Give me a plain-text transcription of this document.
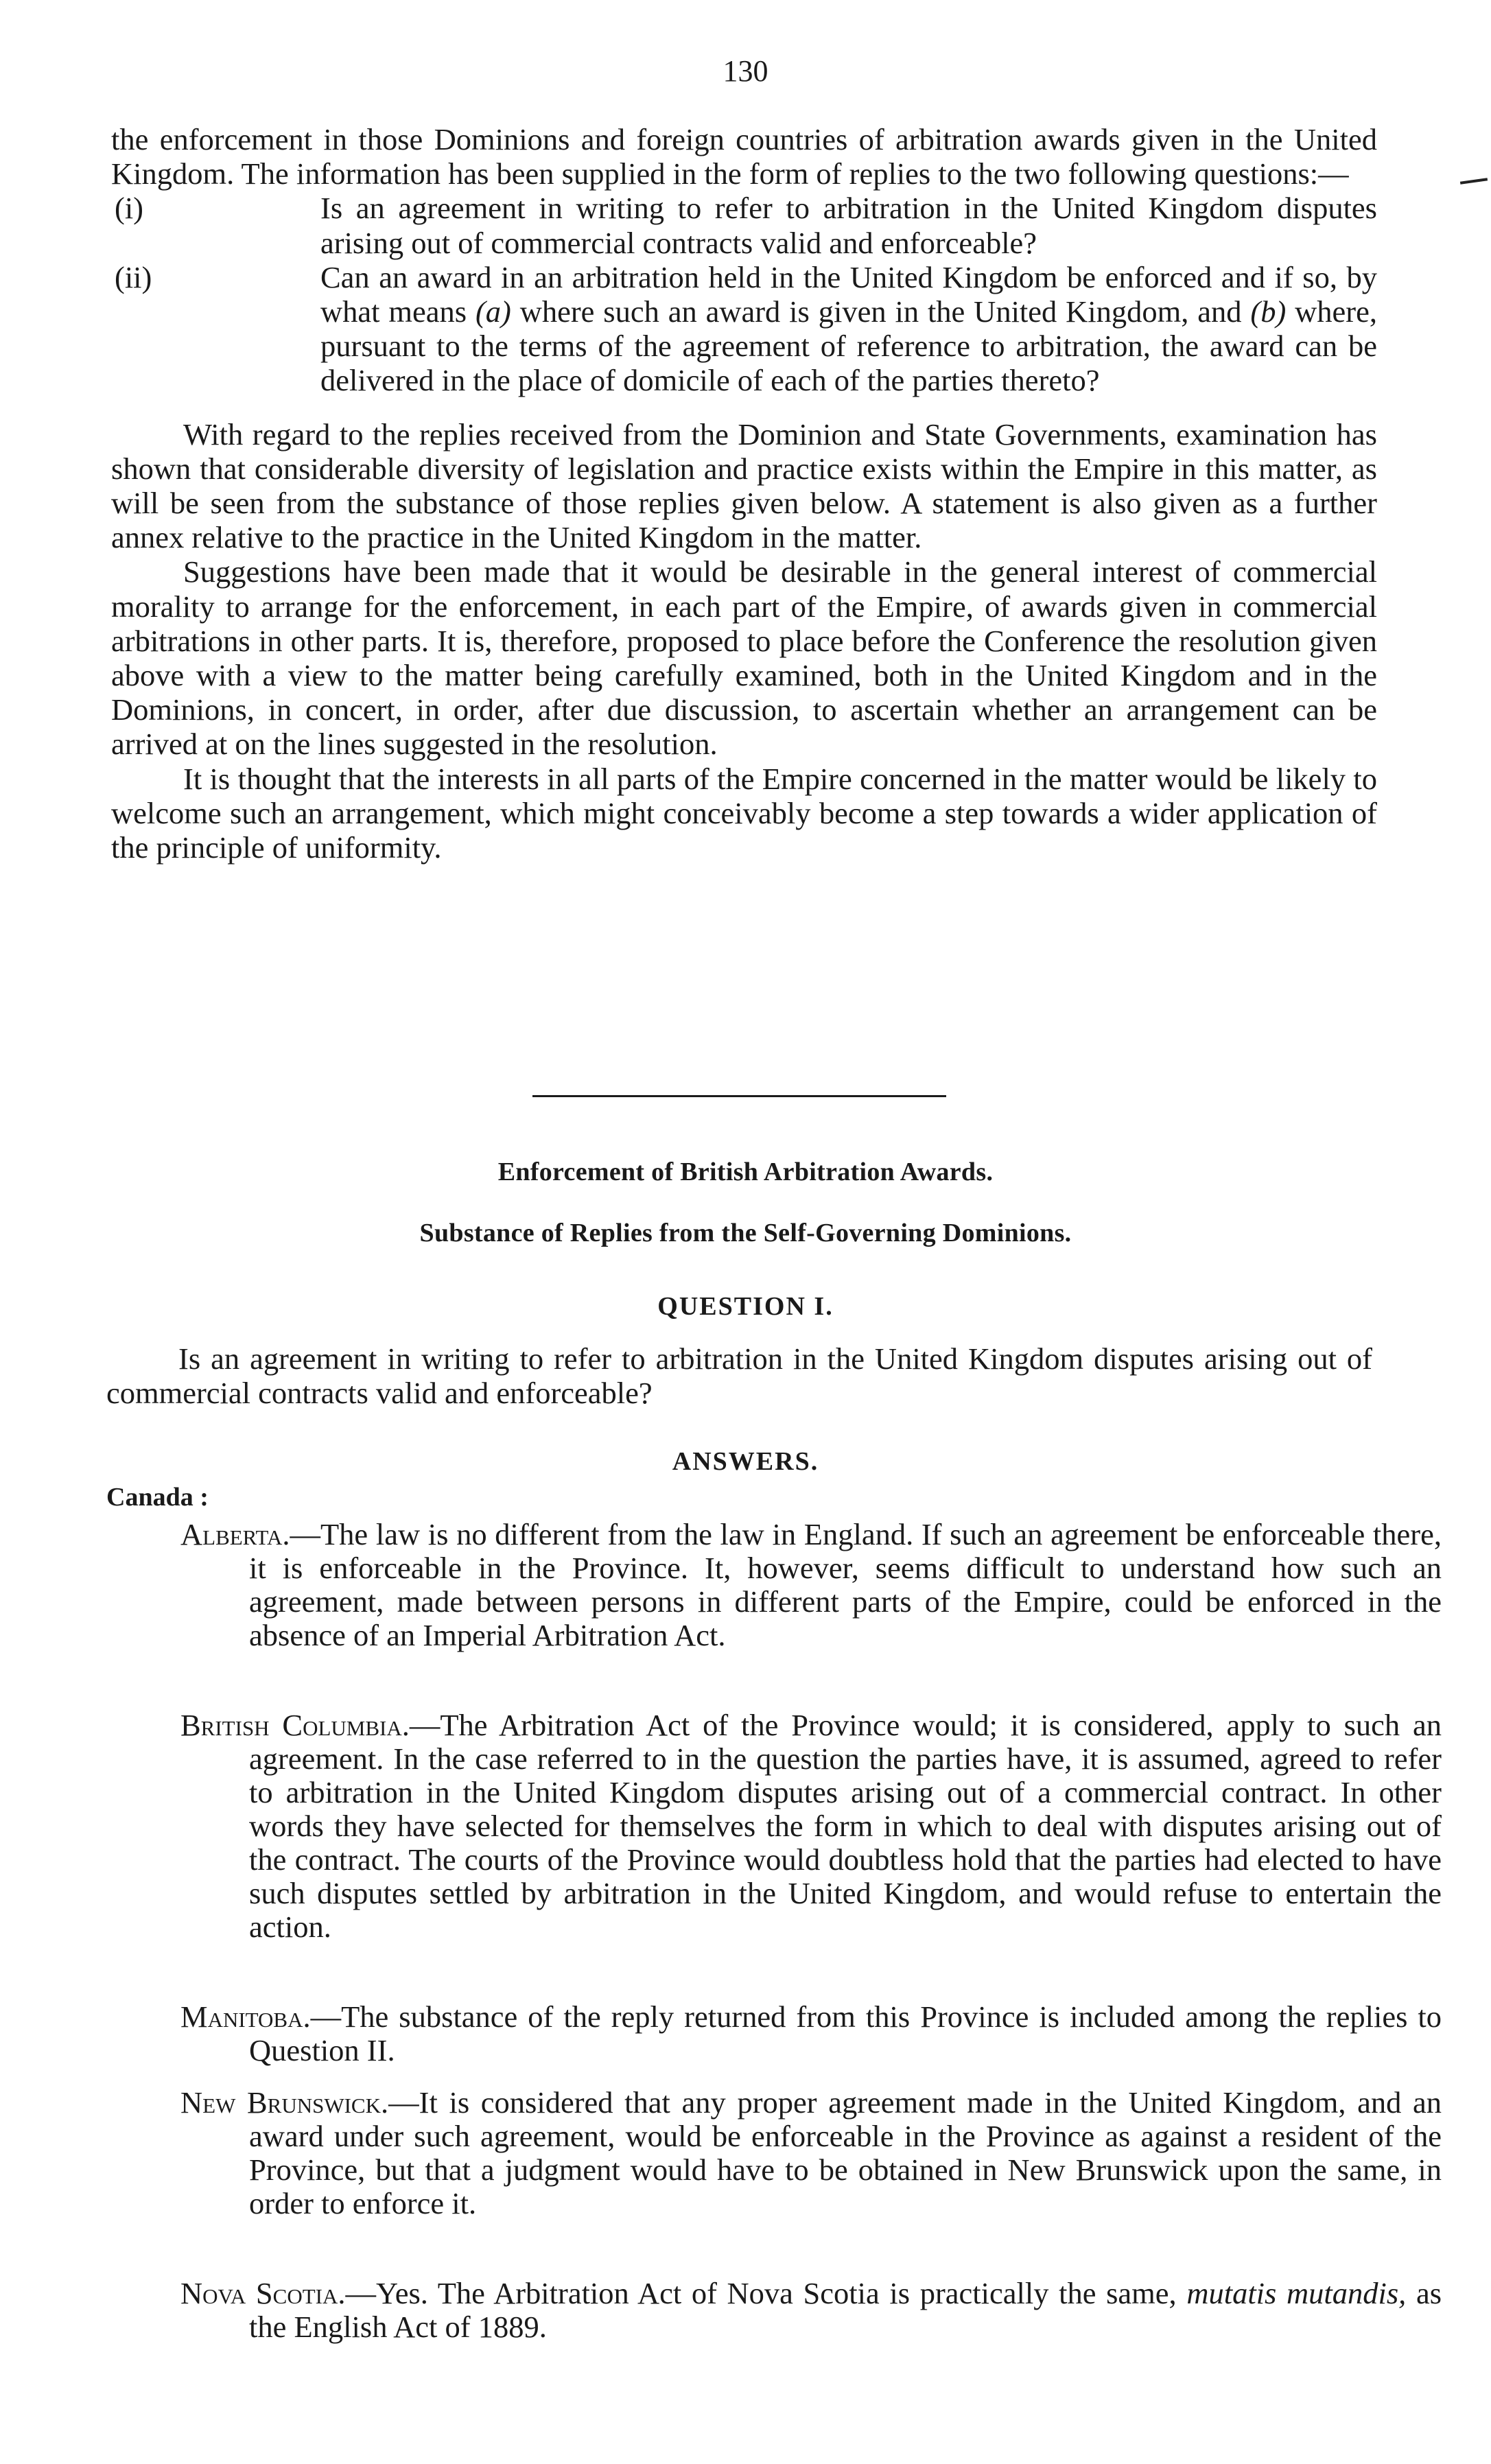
130

the enforcement in those Dominions and foreign countries of arbitration awards given in the United Kingdom. The information has been supplied in the form of replies to the two following questions:—

(i)	Is an agreement in writing to refer to arbitration in the United Kingdom disputes arising out of commercial contracts valid and enforceable?

(ii)	Can an award in an arbitration held in the United Kingdom be enforced and if so, by what means (a) where such an award is given in the United Kingdom, and (b) where, pursuant to the terms of the agreement of reference to arbitration, the award can be delivered in the place of domicile of each of the parties thereto?

With regard to the replies received from the Dominion and State Governments, examination has shown that considerable diversity of legislation and practice exists within the Empire in this matter, as will be seen from the substance of those replies given below. A statement is also given as a further annex relative to the practice in the United Kingdom in the matter.

Suggestions have been made that it would be desirable in the general interest of commercial morality to arrange for the enforcement, in each part of the Empire, of awards given in commercial arbitrations in other parts. It is, therefore, proposed to place before the Conference the resolution given above with a view to the matter being carefully examined, both in the United Kingdom and in the Dominions, in concert, in order, after due discussion, to ascertain whether an arrangement can be arrived at on the lines suggested in the resolution.

It is thought that the interests in all parts of the Empire concerned in the matter would be likely to welcome such an arrangement, which might conceivably become a step towards a wider application of the principle of uniformity.

Enforcement of British Arbitration Awards.
Substance of Replies from the Self-Governing Dominions.
QUESTION I.

Is an agreement in writing to refer to arbitration in the United Kingdom disputes arising out of commercial contracts valid and enforceable?

ANSWERS.
Canada :
Alberta.—The law is no different from the law in England. If such an agreement be enforceable there, it is enforceable in the Province. It, however, seems difficult to understand how such an agreement, made between persons in different parts of the Empire, could be enforced in the absence of an Imperial Arbitration Act.
British Columbia.—The Arbitration Act of the Province would; it is considered, apply to such an agreement. In the case referred to in the question the parties have, it is assumed, agreed to refer to arbitration in the United Kingdom disputes arising out of a commercial contract. In other words they have selected for themselves the form in which to deal with disputes arising out of the contract. The courts of the Province would doubtless hold that the parties had elected to have such disputes settled by arbitration in the United Kingdom, and would refuse to entertain the action.
Manitoba.—The substance of the reply returned from this Province is included among the replies to Question II.
New Brunswick.—It is considered that any proper agreement made in the United Kingdom, and an award under such agreement, would be enforceable in the Province as against a resident of the Province, but that a judgment would have to be obtained in New Brunswick upon the same, in order to enforce it.
Nova Scotia.—Yes. The Arbitration Act of Nova Scotia is practically the same, mutatis mutandis, as the English Act of 1889.
